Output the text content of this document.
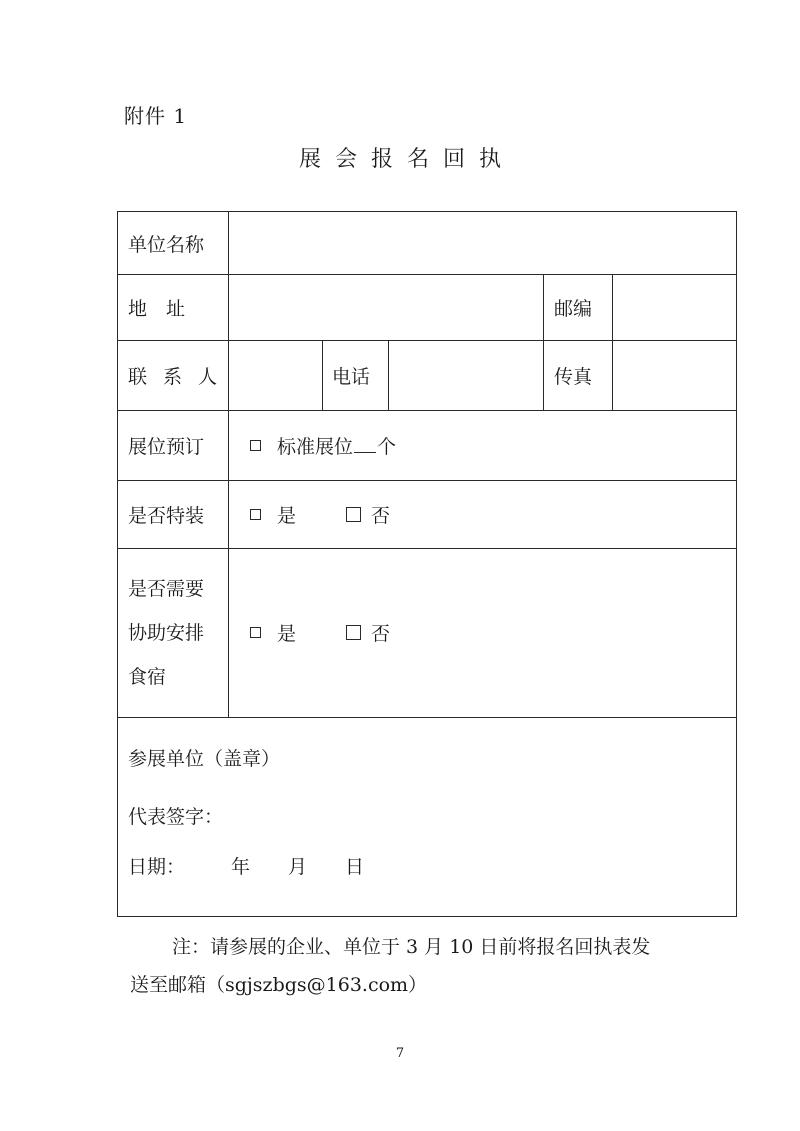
附件 1
展会报名回执
单位名称
地　址	邮编
联系人	电话	传真
展位预订	标准展位 个
是否特装	是	否
是否需要
协助安排
食宿
是	否
参展单位（盖章）
代表签字：
日期： 年 月 日
注：请参展的企业、单位于 3 月 10 日前将报名回执表发
送至邮箱（sgjszbgs@163.com）
7
